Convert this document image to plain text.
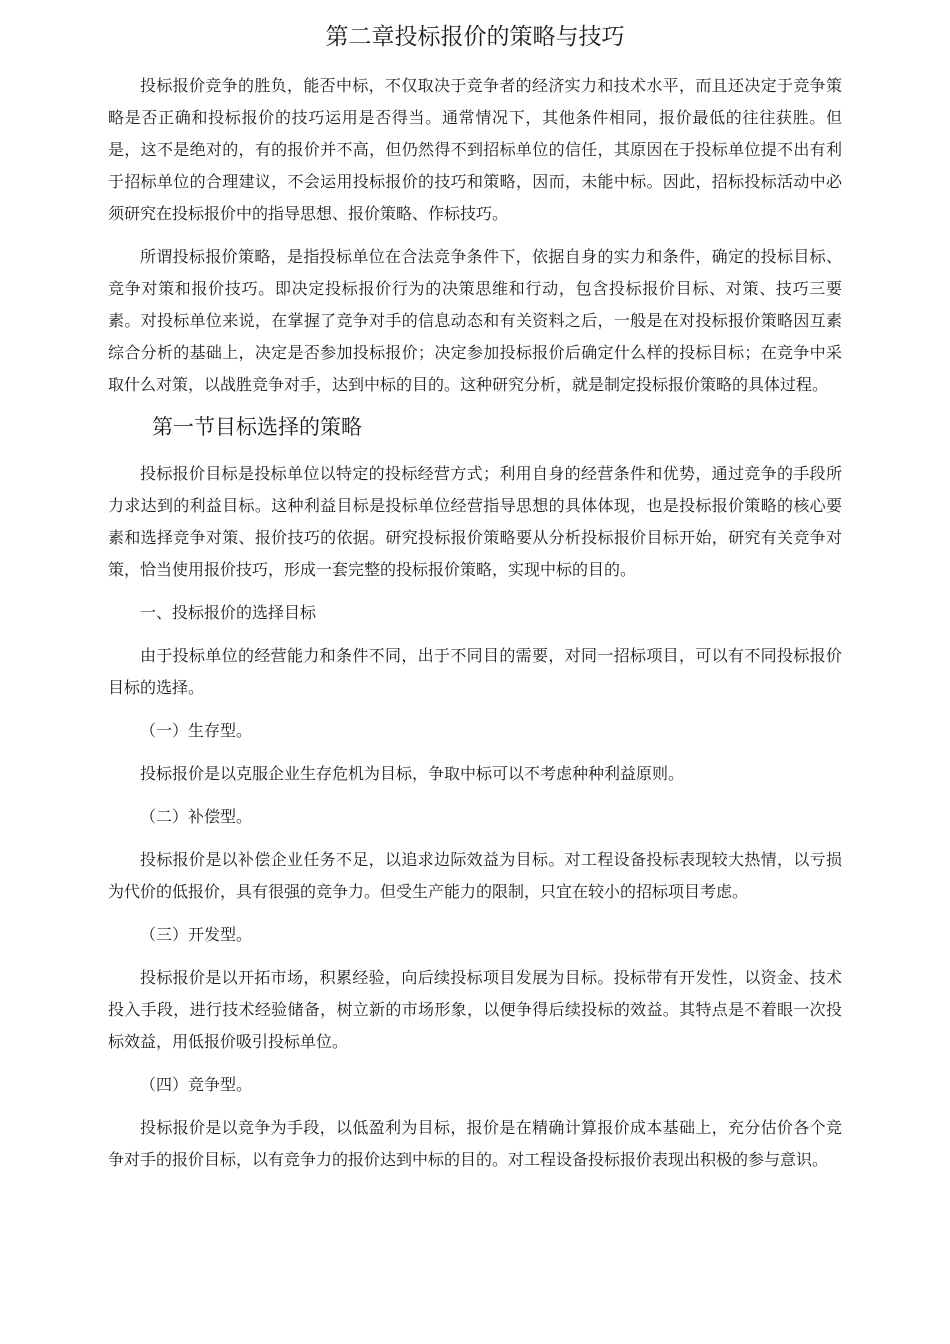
第二章投标报价的策略与技巧

投标报价竞争的胜负，能否中标，不仅取决于竞争者的经济实力和技术水平，而且还决定于竞争策略是否正确和投标报价的技巧运用是否得当。通常情况下，其他条件相同，报价最低的往往获胜。但是，这不是绝对的，有的报价并不高，但仍然得不到招标单位的信任，其原因在于投标单位提不出有利于招标单位的合理建议，不会运用投标报价的技巧和策略，因而，未能中标。因此，招标投标活动中必须研究在投标报价中的指导思想、报价策略、作标技巧。

所谓投标报价策略，是指投标单位在合法竞争条件下，依据自身的实力和条件，确定的投标目标、竞争对策和报价技巧。即决定投标报价行为的决策思维和行动，包含投标报价目标、对策、技巧三要素。对投标单位来说，在掌握了竞争对手的信息动态和有关资料之后，一般是在对投标报价策略因互素综合分析的基础上，决定是否参加投标报价；决定参加投标报价后确定什么样的投标目标；在竞争中采取什么对策，以战胜竞争对手，达到中标的目的。这种研究分析，就是制定投标报价策略的具体过程。

第一节目标选择的策略

投标报价目标是投标单位以特定的投标经营方式；利用自身的经营条件和优势，通过竞争的手段所力求达到的利益目标。这种利益目标是投标单位经营指导思想的具体体现，也是投标报价策略的核心要素和选择竞争对策、报价技巧的依据。研究投标报价策略要从分析投标报价目标开始，研究有关竞争对策，恰当使用报价技巧，形成一套完整的投标报价策略，实现中标的目的。

一、投标报价的选择目标

由于投标单位的经营能力和条件不同，出于不同目的需要，对同一招标项目，可以有不同投标报价目标的选择。

（一）生存型。

投标报价是以克服企业生存危机为目标，争取中标可以不考虑种种利益原则。

（二）补偿型。

投标报价是以补偿企业任务不足，以追求边际效益为目标。对工程设备投标表现较大热情，以亏损为代价的低报价，具有很强的竞争力。但受生产能力的限制，只宜在较小的招标项目考虑。

（三）开发型。

投标报价是以开拓市场，积累经验，向后续投标项目发展为目标。投标带有开发性，以资金、技术投入手段，进行技术经验储备，树立新的市场形象，以便争得后续投标的效益。其特点是不着眼一次投标效益，用低报价吸引投标单位。

（四）竞争型。

投标报价是以竞争为手段，以低盈利为目标，报价是在精确计算报价成本基础上，充分估价各个竞争对手的报价目标，以有竞争力的报价达到中标的目的。对工程设备投标报价表现出积极的参与意识。
